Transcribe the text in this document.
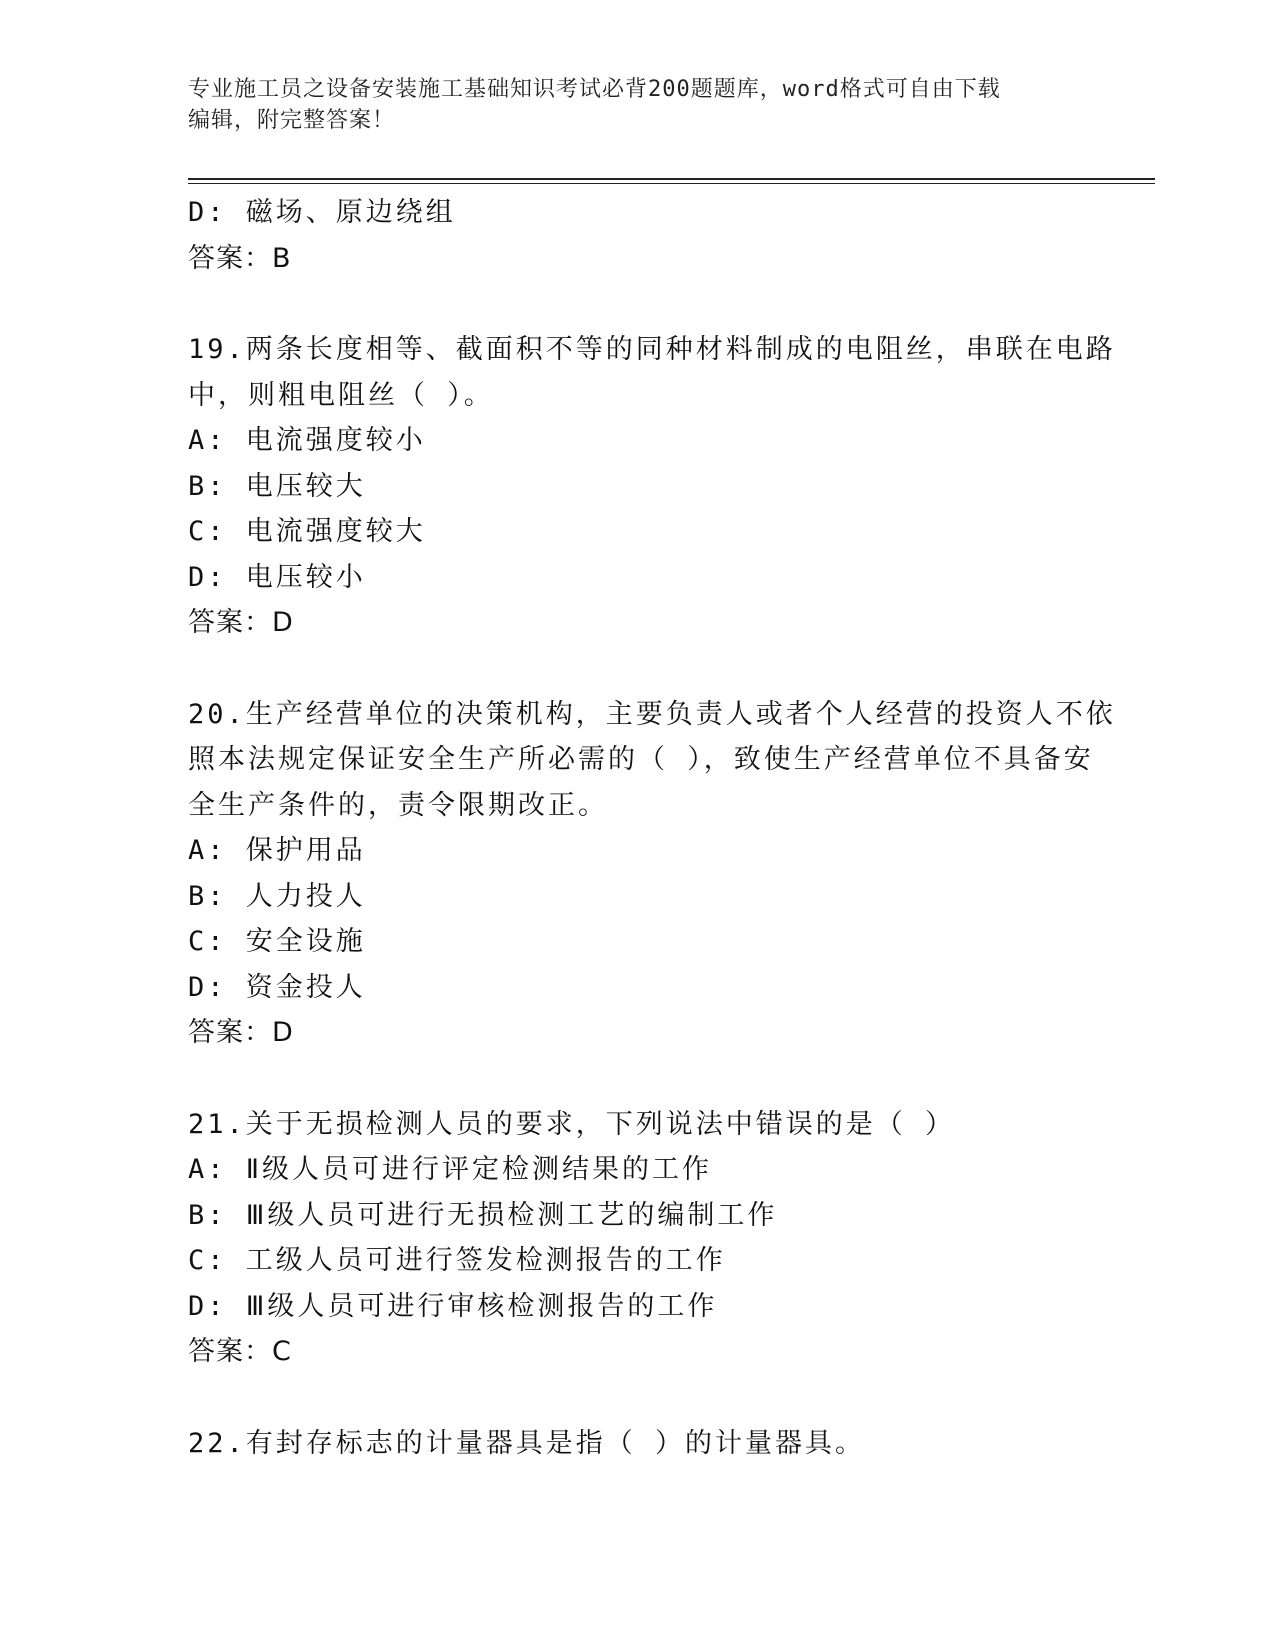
专业施工员之设备安装施工基础知识考试必背200题题库，word格式可自由下载
编辑，附完整答案！
D: 磁场、原边绕组
答案：B
19.两条长度相等、截面积不等的同种材料制成的电阻丝，串联在电路
中，则粗电阻丝（ ）。
A: 电流强度较小
B: 电压较大
C: 电流强度较大
D: 电压较小
答案：D
20.生产经营单位的决策机构，主要负责人或者个人经营的投资人不依
照本法规定保证安全生产所必需的（ ），致使生产经营单位不具备安
全生产条件的，责令限期改正。
A: 保护用品
B: 人力投人
C: 安全设施
D: 资金投人
答案：D
21.关于无损检测人员的要求，下列说法中错误的是（ ）
A: Ⅱ级人员可进行评定检测结果的工作
B: Ⅲ级人员可进行无损检测工艺的编制工作
C: 工级人员可进行签发检测报告的工作
D: Ⅲ级人员可进行审核检测报告的工作
答案：C
22.有封存标志的计量器具是指（ ）的计量器具。
